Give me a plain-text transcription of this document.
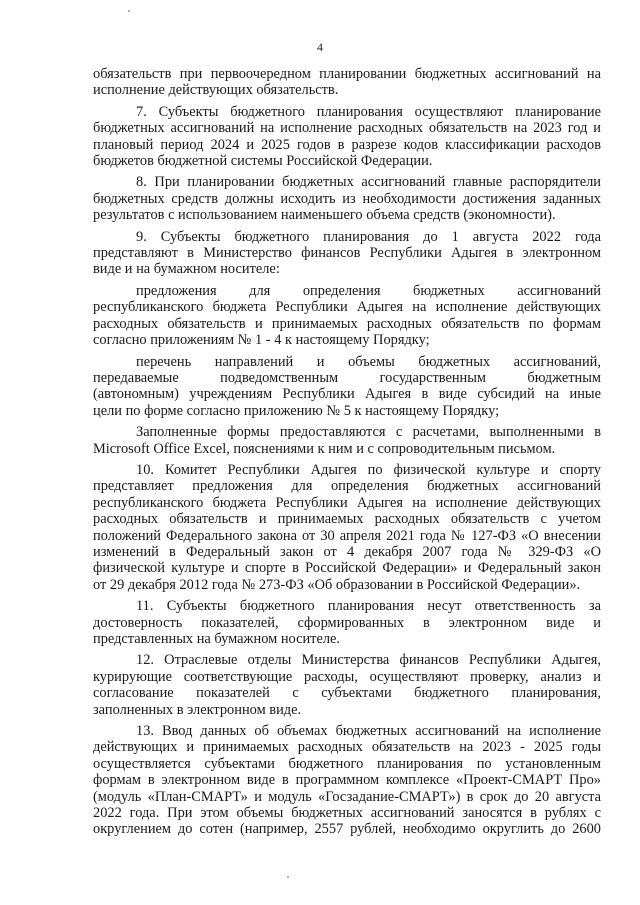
4
обязательств при первоочередном планировании бюджетных ассигнований на
исполнение действующих обязательств.
7. Субъекты бюджетного планирования осуществляют планирование
бюджетных ассигнований на исполнение расходных обязательств на 2023 год и
плановый период 2024 и 2025 годов в разрезе кодов классификации расходов
бюджетов бюджетной системы Российской Федерации.
8. При планировании бюджетных ассигнований главные распорядители
бюджетных средств должны исходить из необходимости достижения заданных
результатов с использованием наименьшего объема средств (экономности).
9. Субъекты бюджетного планирования до 1 августа 2022 года
представляют в Министерство финансов Республики Адыгея в электронном
виде и на бумажном носителе:
предложения для определения бюджетных ассигнований
республиканского бюджета Республики Адыгея на исполнение действующих
расходных обязательств и принимаемых расходных обязательств по формам
согласно приложениям № 1 - 4 к настоящему Порядку;
перечень направлений и объемы бюджетных ассигнований,
передаваемые подведомственным государственным бюджетным
(автономным) учреждениям Республики Адыгея в виде субсидий на иные
цели по форме согласно приложению № 5 к настоящему Порядку;
Заполненные формы предоставляются с расчетами, выполненными в
Microsoft Office Excel, пояснениями к ним и с сопроводительным письмом.
10. Комитет Республики Адыгея по физической культуре и спорту
представляет предложения для определения бюджетных ассигнований
республиканского бюджета Республики Адыгея на исполнение действующих
расходных обязательств и принимаемых расходных обязательств с учетом
положений Федерального закона от 30 апреля 2021 года № 127-ФЗ «О внесении
изменений в Федеральный закон от 4 декабря 2007 года № 329-ФЗ «О
физической культуре и спорте в Российской Федерации» и Федеральный закон
от 29 декабря 2012 года № 273-ФЗ «Об образовании в Российской Федерации».
11. Субъекты бюджетного планирования несут ответственность за
достоверность показателей, сформированных в электронном виде и
представленных на бумажном носителе.
12. Отраслевые отделы Министерства финансов Республики Адыгея,
курирующие соответствующие расходы, осуществляют проверку, анализ и
согласование показателей с субъектами бюджетного планирования,
заполненных в электронном виде.
13. Ввод данных об объемах бюджетных ассигнований на исполнение
действующих и принимаемых расходных обязательств на 2023 - 2025 годы
осуществляется субъектами бюджетного планирования по установленным
формам в электронном виде в программном комплексе «Проект-СМАРТ Про»
(модуль «План-СМАРТ» и модуль «Госзадание-СМАРТ») в срок до 20 августа
2022 года. При этом объемы бюджетных ассигнований заносятся в рублях с
округлением до сотен (например, 2557 рублей, необходимо округлить до 2600
